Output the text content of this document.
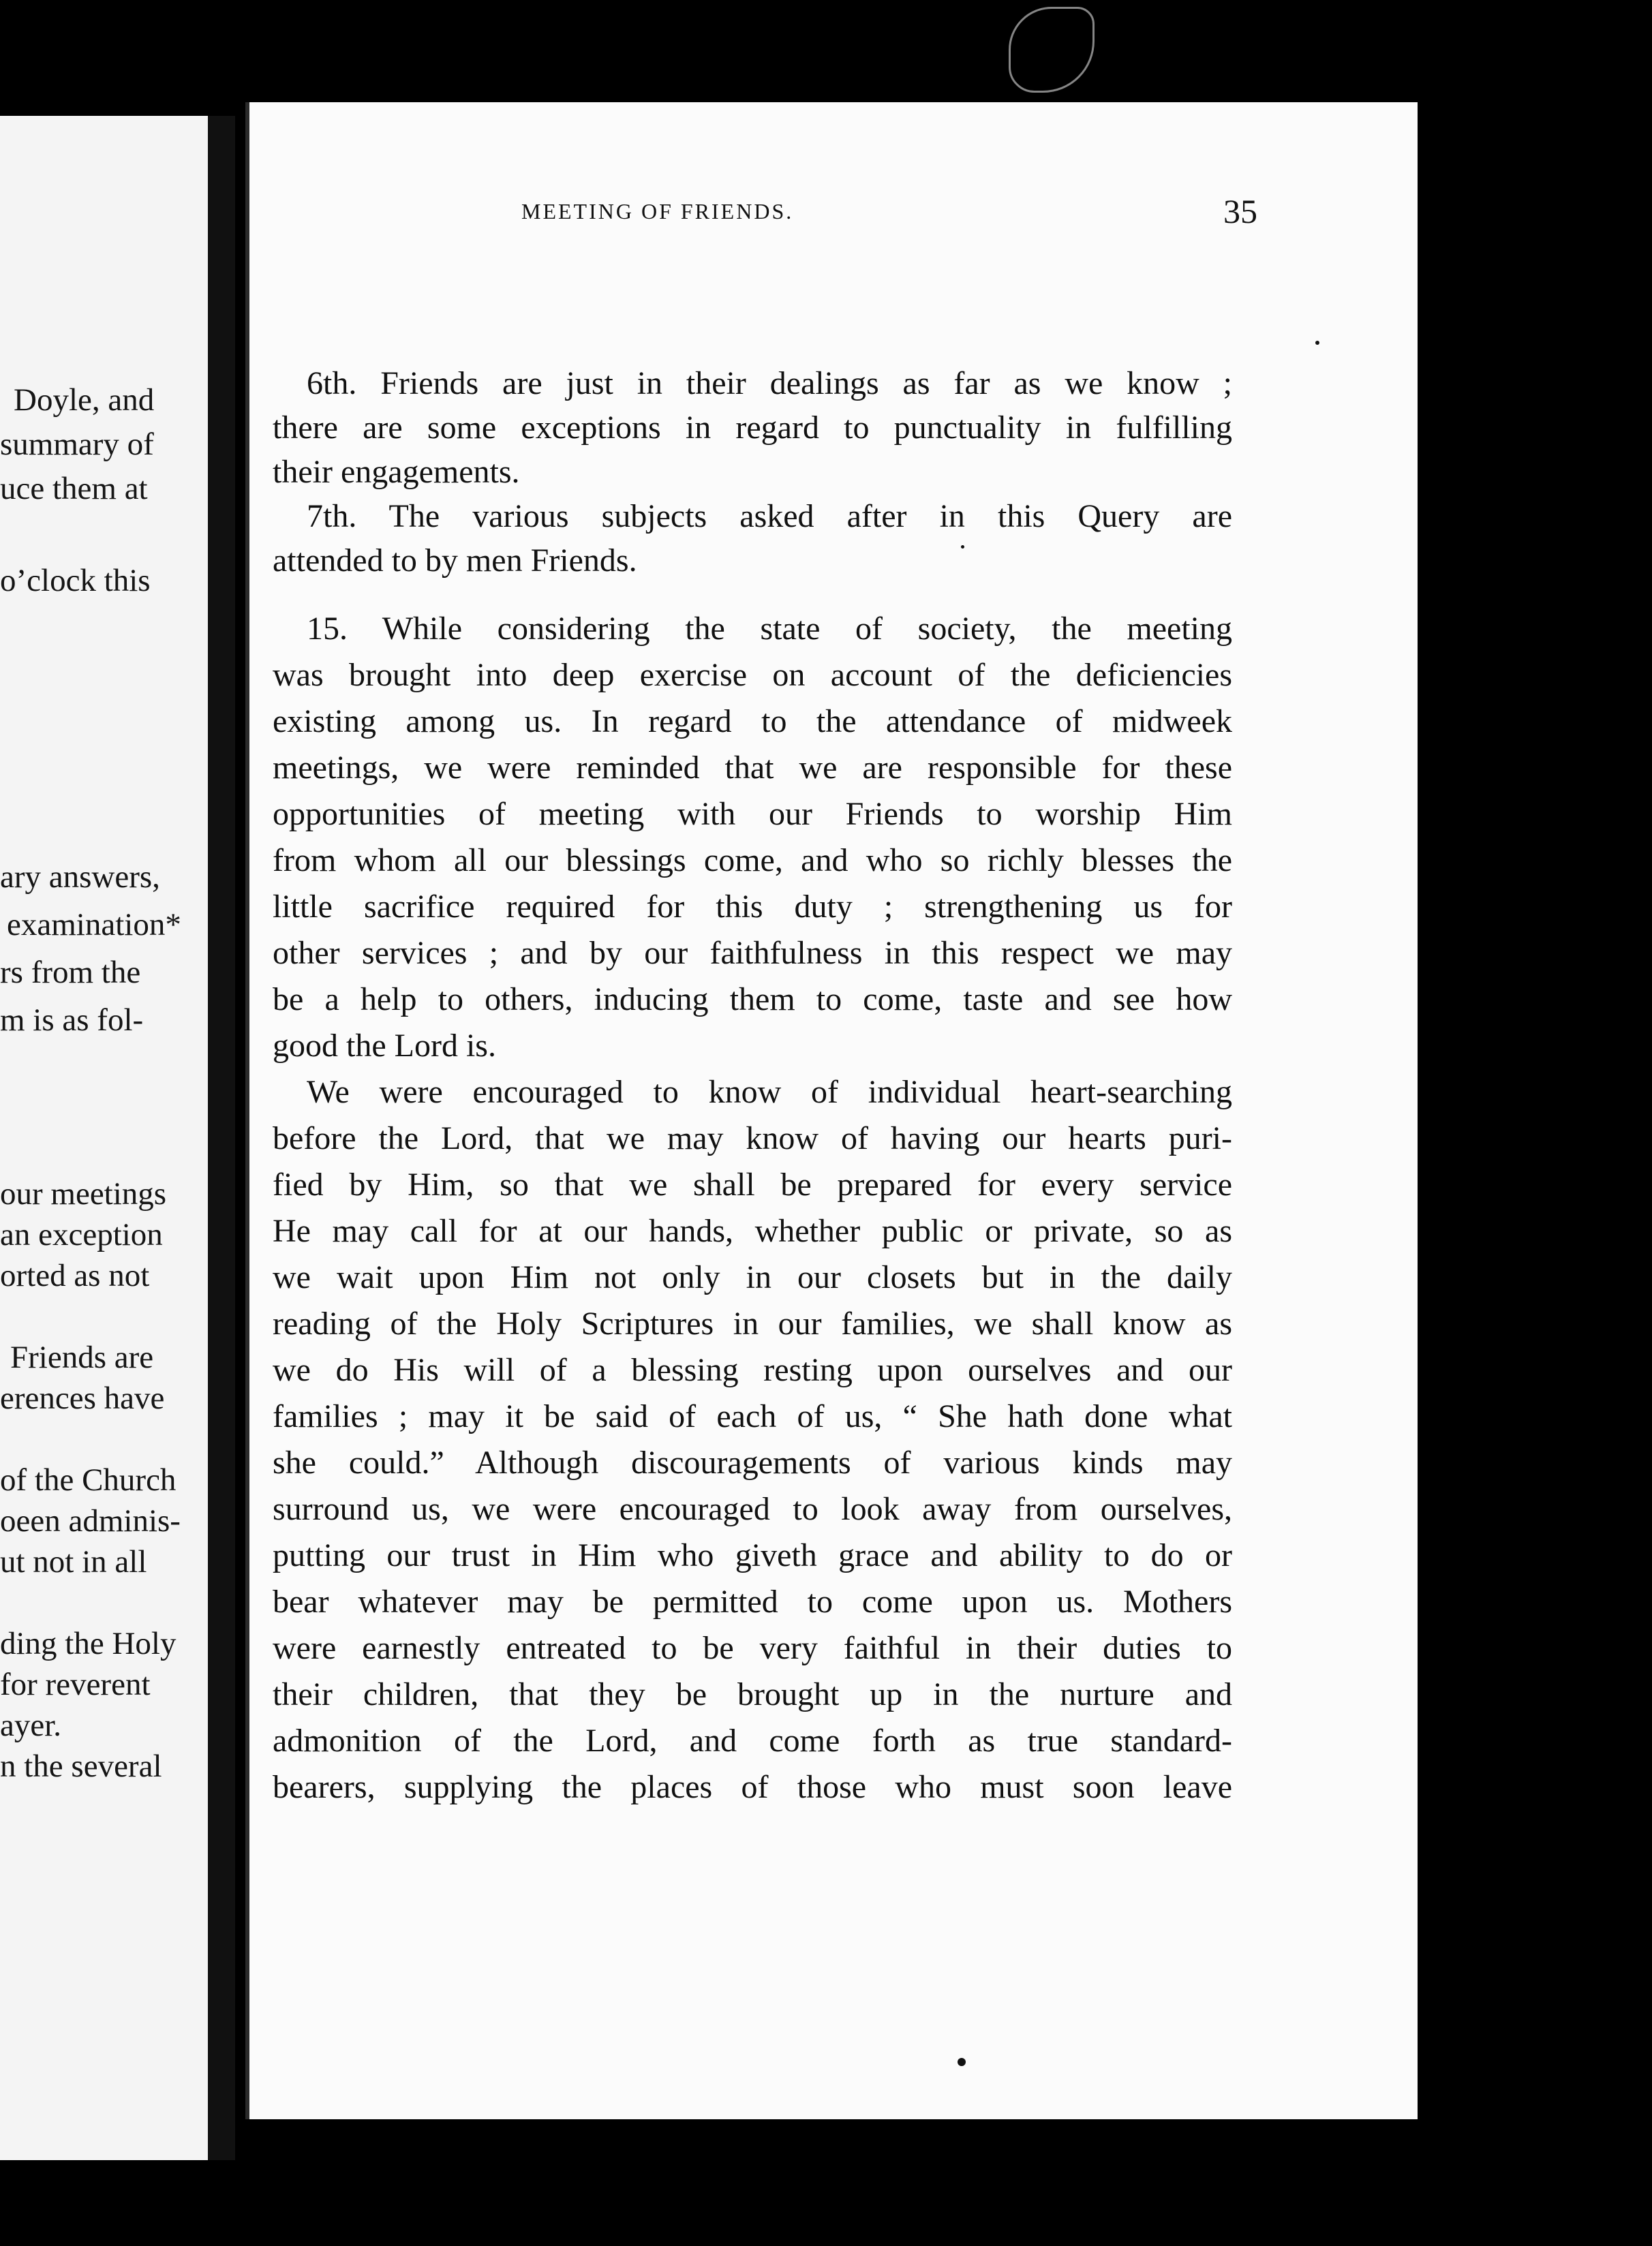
Doyle, and
summary of
uce them at
o’clock this
ary answers,
examination*
rs from the
m is as fol-
our meetings
an exception
orted as not
Friends are
erences have
of the Church
oeen adminis-
ut not in all
ding the Holy
for reverent
ayer.
n the several
MEETING OF FRIENDS.	35
6th. Friends are just in their dealings as far as we know ;
there are some exceptions in regard to punctuality in fulfilling
their engagements.
7th. The various subjects asked after in this Query are
attended to by men Friends.
15. While considering the state of society, the meeting
was brought into deep exercise on account of the deficiencies
existing among us. In regard to the attendance of midweek
meetings, we were reminded that we are responsible for these
opportunities of meeting with our Friends to worship Him
from whom all our blessings come, and who so richly blesses the
little sacrifice required for this duty ; strengthening us for
other services ; and by our faithfulness in this respect we may
be a help to others, inducing them to come, taste and see how
good the Lord is.
We were encouraged to know of individual heart-searching
before the Lord, that we may know of having our hearts puri-
fied by Him, so that we shall be prepared for every service
He may call for at our hands, whether public or private, so as
we wait upon Him not only in our closets but in the daily
reading of the Holy Scriptures in our families, we shall know as
we do His will of a blessing resting upon ourselves and our
families ; may it be said of each of us, “ She hath done what
she could.” Although discouragements of various kinds may
surround us, we were encouraged to look away from ourselves,
putting our trust in Him who giveth grace and ability to do or
bear whatever may be permitted to come upon us. Mothers
were earnestly entreated to be very faithful in their duties to
their children, that they be brought up in the nurture and
admonition of the Lord, and come forth as true standard-
bearers, supplying the places of those who must soon leave
